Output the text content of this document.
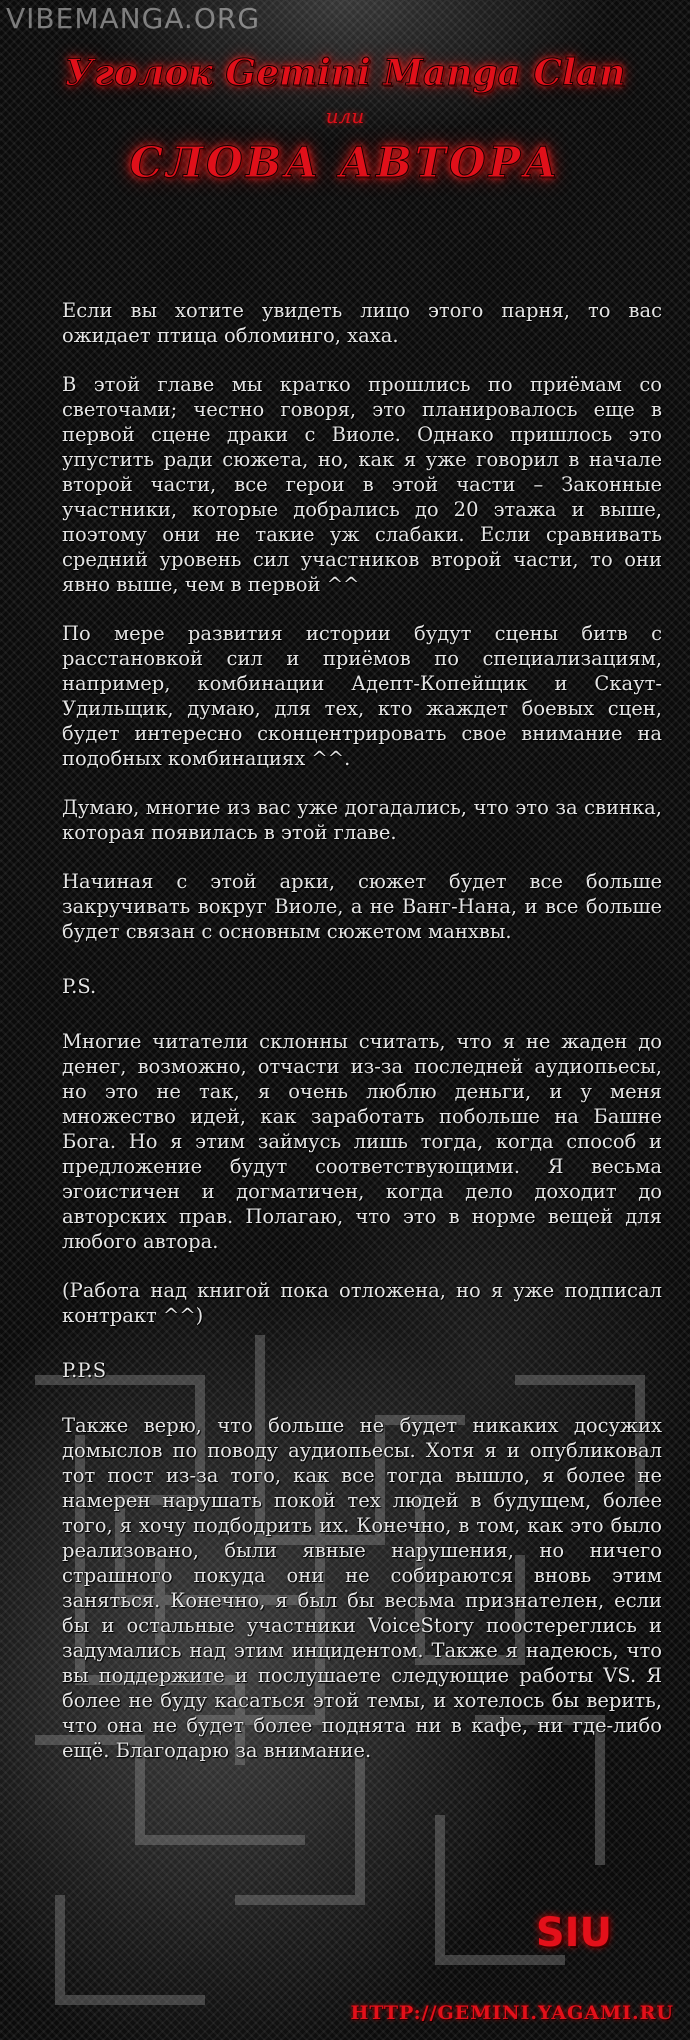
VIBEMANGA.ORG
Уголок Gemini Manga Clan
или
СЛОВА АВТОРА

Если вы хотите увидеть лицо этого парня, то вас ожидает птица обломинго, хаха.

В этой главе мы кратко прошлись по приёмам со светочами; честно говоря, это планировалось еще в первой сцене драки с Виоле. Однако пришлось это упустить ради сюжета, но, как я уже говорил в начале второй части, все герои в этой части – Законные участники, которые добрались до 20 этажа и выше, поэтому они не такие уж слабаки. Если сравнивать средний уровень сил участников второй части, то они явно выше, чем в первой ^^

По мере развития истории будут сцены битв с расстановкой сил и приёмов по специализациям, например, комбинации Адепт-Копейщик и Скаут-Удильщик, думаю, для тех, кто жаждет боевых сцен, будет интересно сконцентрировать свое внимание на подобных комбинациях ^^.

Думаю, многие из вас уже догадались, что это за свинка, которая появилась в этой главе.

Начиная с этой арки, сюжет будет все больше закручивать вокруг Виоле, а не Ванг-Нана, и все больше будет связан с основным сюжетом манхвы.

P.S.

Многие читатели склонны считать, что я не жаден до денег, возможно, отчасти из-за последней аудиопьесы, но это не так, я очень люблю деньги, и у меня множество идей, как заработать побольше на Башне Бога. Но я этим займусь лишь тогда, когда способ и предложение будут соответствующими. Я весьма эгоистичен и догматичен, когда дело доходит до авторских прав. Полагаю, что это в норме вещей для любого автора.

(Работа над книгой пока отложена, но я уже подписал контракт ^^)

P.P.S

Также верю, что больше не будет никаких досужих домыслов по поводу аудиопьесы. Хотя я и опубликовал тот пост из-за того, как все тогда вышло, я более не намерен нарушать покой тех людей в будущем, более того, я хочу подбодрить их. Конечно, в том, как это было реализовано, были явные нарушения, но ничего страшного покуда они не собираются вновь этим заняться. Конечно, я был бы весьма признателен, если бы и остальные участники VoiceStory поостереглись и задумались над этим инцидентом. Также я надеюсь, что вы поддержите и послушаете следующие работы VS. Я более не буду касаться этой темы, и хотелось бы верить, что она не будет более поднята ни в кафе, ни где-либо ещё. Благодарю за внимание.

SIU
HTTP://GEMINI.YAGAMI.RU
